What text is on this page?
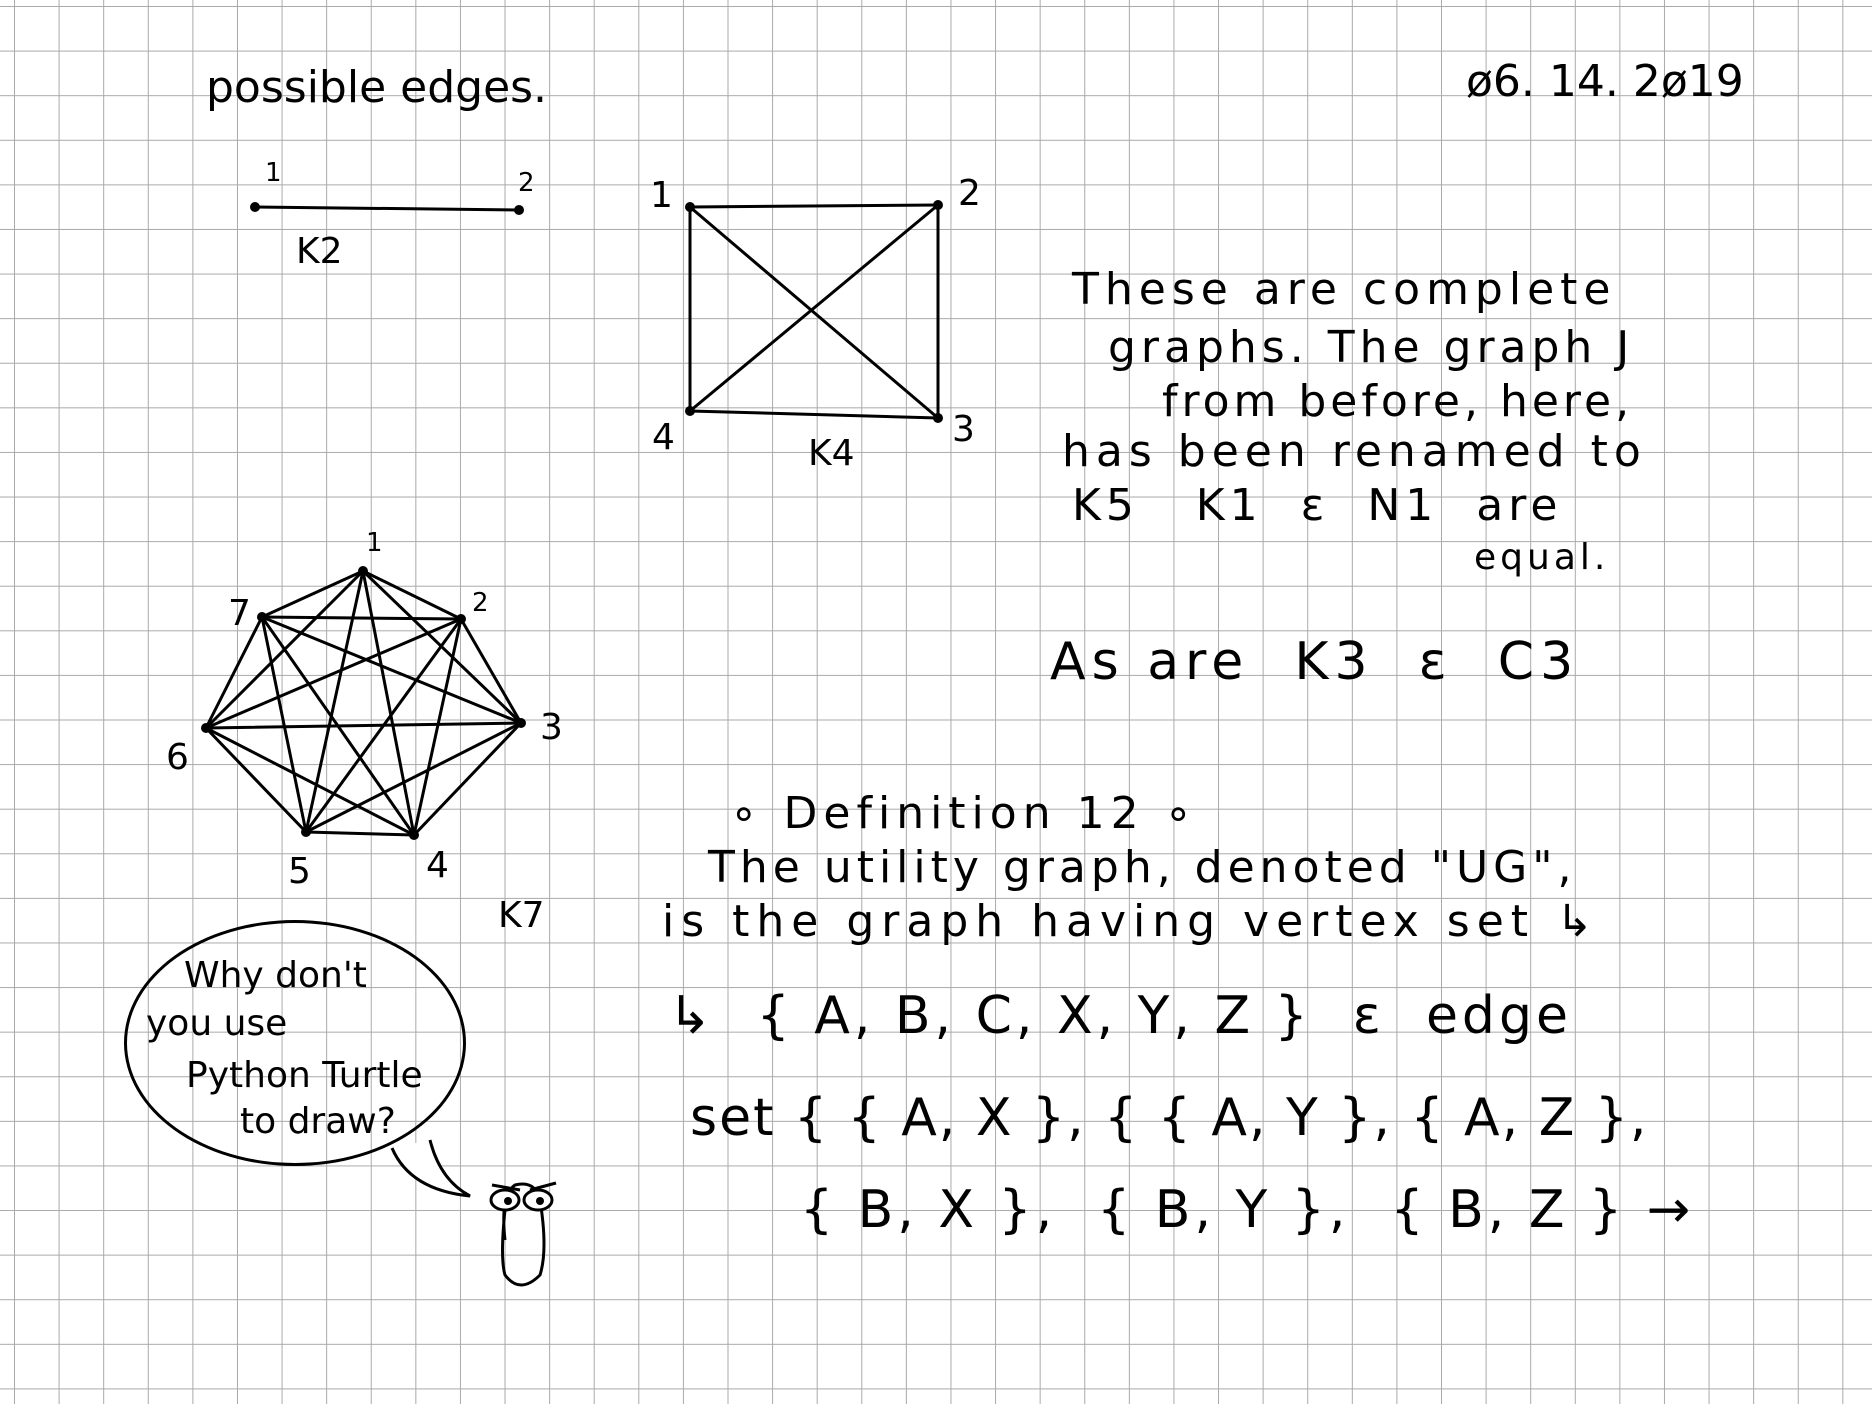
possible edges.	ø6. 14. 2ø19
1	2
K2
1	2
3
4	K4
1
2
3
4
5
6
7
K7
These are complete
graphs. The graph J
from before, here,
has been renamed to
K5   K1  ε  N1  are
equal.
As are  K3  ε  C3
∘ Definition 12 ∘
The utility graph, denoted "UG",
is the graph having vertex set ↳
↳  { A, B, C, X, Y, Z }  ε  edge
set { { A, X }, { { A, Y }, { A, Z },
{ B, X },  { B, Y },  { B, Z } →
Why don't
you use
Python Turtle
to draw?
